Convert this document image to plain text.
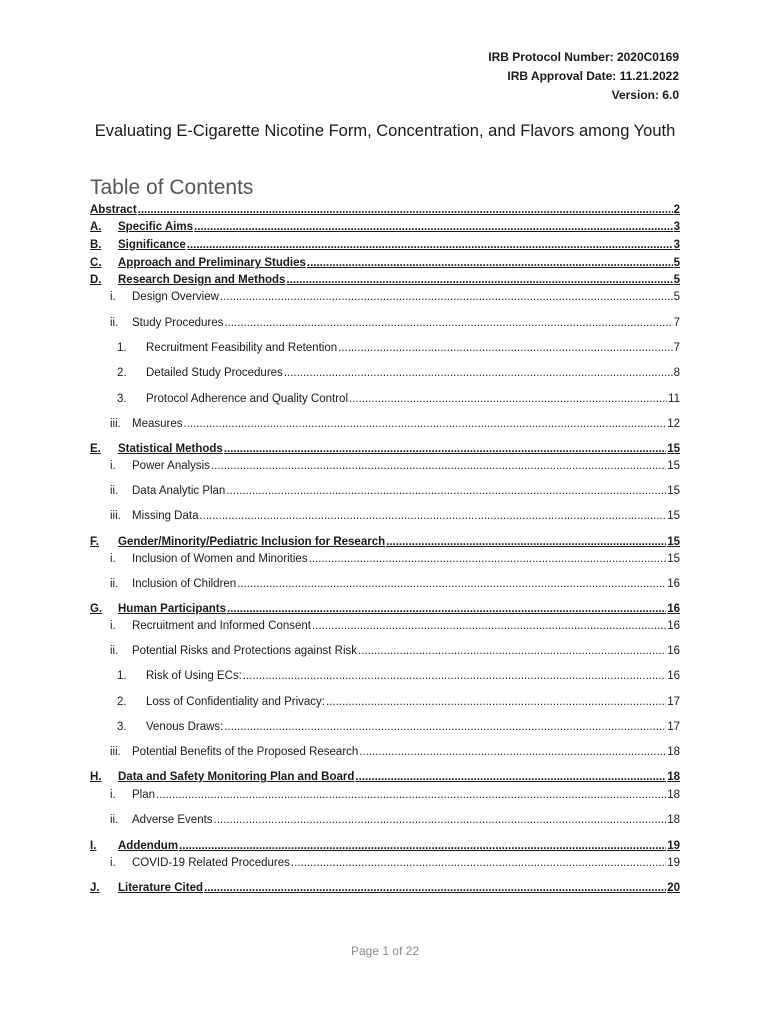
IRB Protocol Number: 2020C0169
IRB Approval Date: 11.21.2022
Version: 6.0
Evaluating E-Cigarette Nicotine Form, Concentration, and Flavors among Youth
Table of Contents
Abstract .....	2
A.	Specific Aims .....	3
B.	Significance .....	3
C.	Approach and Preliminary Studies .....	5
D.	Research Design and Methods .....	5
i.	Design Overview .....	5
ii.	Study Procedures .....	7
1.	Recruitment Feasibility and Retention .....	7
2.	Detailed Study Procedures .....	8
3.	Protocol Adherence and Quality Control .....	11
iii. Measures .....	12
E.	Statistical Methods .....	15
i.	Power Analysis .....	15
ii.	Data Analytic Plan .....	15
iii. Missing Data .....	15
F.	Gender/Minority/Pediatric Inclusion for Research .....	15
i.	Inclusion of Women and Minorities .....	15
ii.	Inclusion of Children .....	16
G.	Human Participants .....	16
i.	Recruitment and Informed Consent .....	16
ii.	Potential Risks and Protections against Risk .....	16
1.	Risk of Using ECs: .....	16
2.	Loss of Confidentiality and Privacy: .....	17
3.	Venous Draws: .....	17
iii. Potential Benefits of the Proposed Research .....	18
H.	Data and Safety Monitoring Plan and Board .....	18
i.	Plan .....	18
ii.	Adverse Events .....	18
I.	Addendum .....	19
i.	COVID-19 Related Procedures .....	19
J.	Literature Cited .....	20
Page 1 of 22
